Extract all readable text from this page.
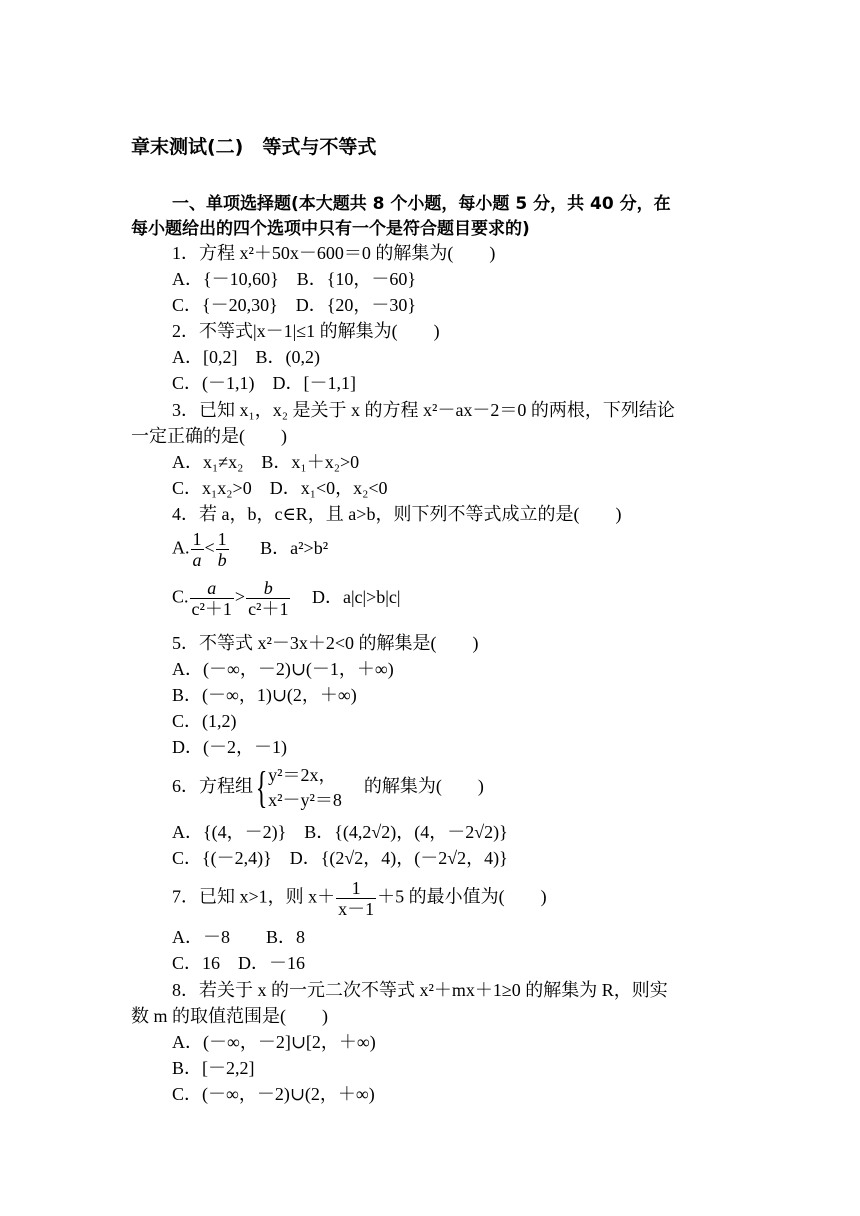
章末测试(二)　等式与不等式
一、单项选择题(本大题共 8 个小题，每小题 5 分，共 40 分，在
每小题给出的四个选项中只有一个是符合题目要求的)
1．方程 x²＋50x－600＝0 的解集为(　　)
A．{－10,60}　B．{10，－60}
C．{－20,30}　D．{20，－30}
2．不等式|x－1|≤1 的解集为(　　)
A．[0,2]　B．(0,2)
C．(－1,1)　D．[－1,1]
3．已知 x₁，x₂ 是关于 x 的方程 x²－ax－2＝0 的两根，下列结论
一定正确的是(　　)
A．x₁≠x₂　B．x₁＋x₂>0
C．x₁x₂>0　D．x₁<0，x₂<0
4．若 a，b，c∈R，且 a>b，则下列不等式成立的是(　　)
A. $\frac{1}{a} < \frac{1}{b}$ B．a²>b²
C. $\frac{a}{\text{c²＋1}} > \frac{b}{\text{c²＋1}}$ D．a|c|>b|c|
5．不等式 x²－3x＋2<0 的解集是(　　)
A．(－∞，－2)∪(－1，＋∞)
B．(－∞，1)∪(2，＋∞)
C．(1,2)
D．(－2，－1)
6．方程组{ y²＝2x，
x²－y²＝8
的解集为(　　)
A．{(4，－2)}　B．{(4,2√2)，(4，－2√2)}
C．{(－2,4)}　D．{(2√2，4)，(－2√2，4)}
7．已知 x>1，则 $x+ \frac{1}{x-1} +5$ 的最小值为(　　)
A．－8　　B．8
C．16　D．－16
8．若关于 x 的一元二次不等式 x²＋mx＋1≥0 的解集为 R，则实
数 m 的取值范围是(　　)
A．(－∞，－2]∪[2，＋∞)
B．[－2,2]
C．(－∞，－2)∪(2，＋∞)
